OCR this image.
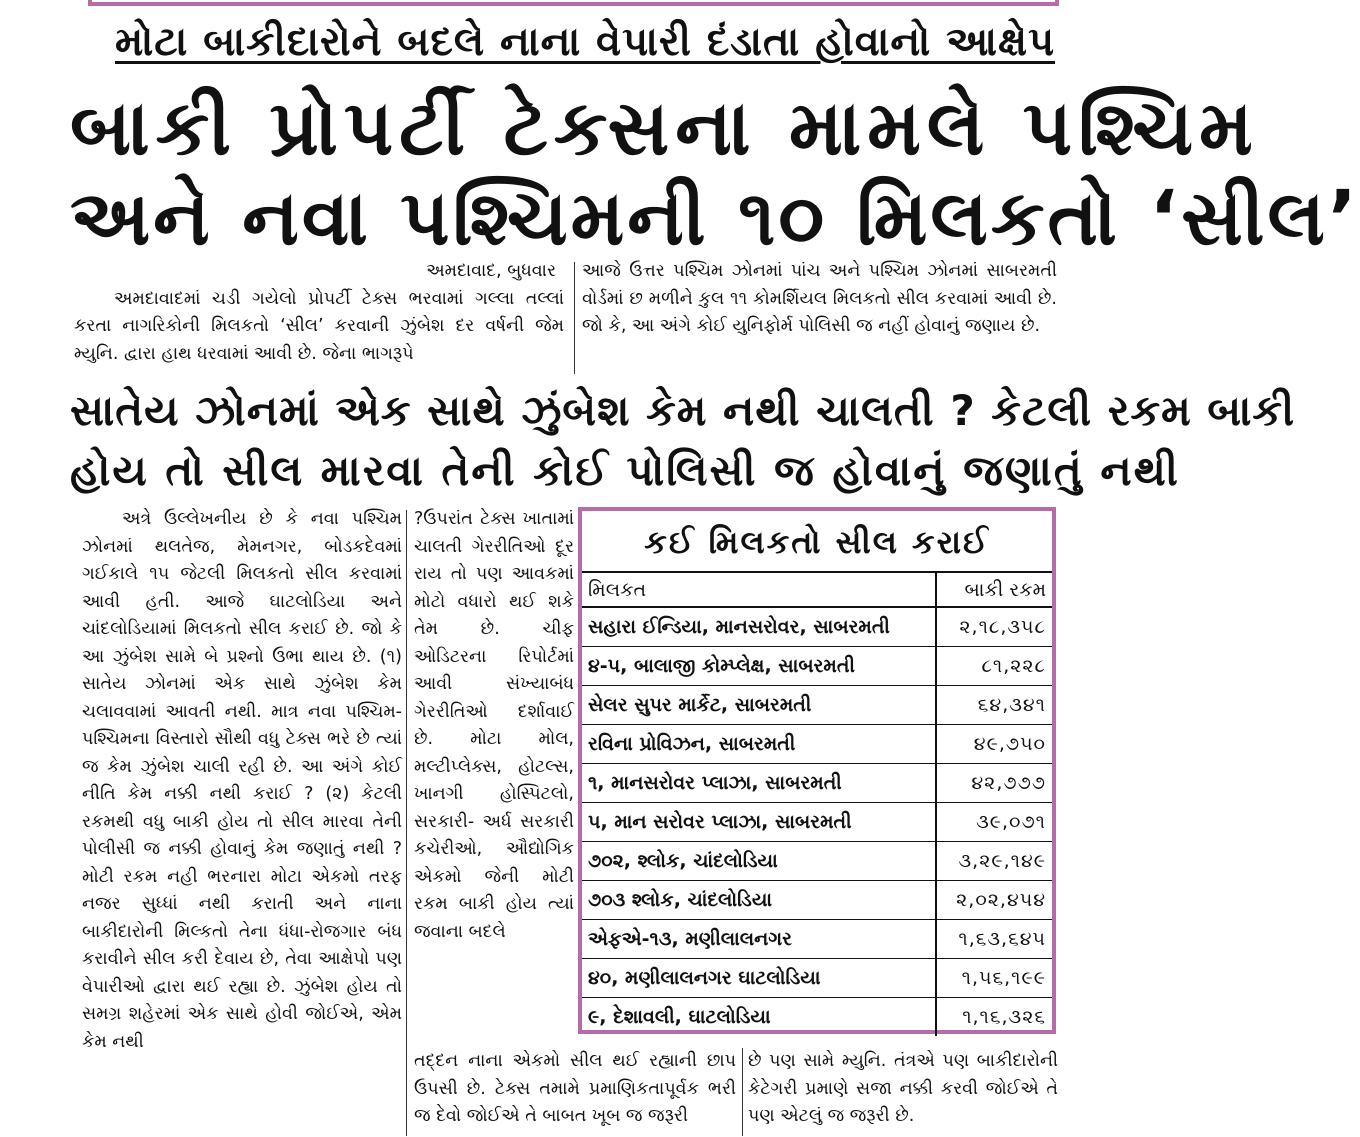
મોટા બાકીદારોને બદલે નાના વેપારી દંડાતા હોવાનો આક્ષેપ
બાકી પ્રોપર્ટી ટેક્સના મામલે પશ્ચિમ
અને નવા પશ્ચિમની ૧૦ મિલકતો ‘સીલ’
અમદાવાદ, બુધવાર

અમદાવાદમાં ચડી ગયેલો પ્રોપર્ટી ટેક્સ ભરવામાં ગલ્લા તલ્લાં કરતા નાગરિકોની મિલકતો ‘સીલ’ કરવાની ઝુંબેશ દર વર્ષની જેમ મ્યુનિ. દ્વારા હાથ ધરવામાં આવી છે. જેના ભાગરૂપે

આજે ઉત્તર પશ્ચિમ ઝોનમાં પાંચ અને પશ્ચિમ ઝોનમાં સાબરમતી વોર્ડમાં છ મળીને કુલ ૧૧ કોમર્શિયલ મિલકતો સીલ કરવામાં આવી છે. જો કે, આ અંગે કોઈ યુનિફોર્મ પોલિસી જ નહીં હોવાનું જણાય છે.

સાતેય ઝોનમાં એક સાથે ઝુંબેશ કેમ નથી ચાલતી ? કેટલી રકમ બાકી
હોય તો સીલ મારવા તેની કોઈ પોલિસી જ હોવાનું જણાતું નથી

અત્રે ઉલ્લેખનીય છે કે નવા પશ્ચિમ ઝોનમાં થલતેજ, મેમનગર, બોડકદેવમાં ગઈકાલે ૧૫ જેટલી મિલકતો સીલ કરવામાં આવી હતી. આજે ઘાટલોડિયા અને ચાંદલોડિયામાં મિલકતો સીલ કરાઈ છે. જો કે આ ઝુંબેશ સામે બે પ્રશ્નો ઉભા થાય છે. (૧) સાતેય ઝોનમાં એક સાથે ઝુંબેશ કેમ ચલાવવામાં આવતી નથી. માત્ર નવા પશ્ચિમ- પશ્ચિમના વિસ્તારો સૌથી વધુ ટેક્સ ભરે છે ત્યાં જ કેમ ઝુંબેશ ચાલી રહી છે. આ અંગે કોઈ નીતિ કેમ નક્કી નથી કરાઈ ? (૨) કેટલી રકમથી વધુ બાકી હોય તો સીલ મારવા તેની પોલીસી જ નક્કી હોવાનું કેમ જણાતું નથી ? મોટી રકમ નહી ભરનારા મોટા એકમો તરફ નજર સુધ્ધાં નથી કરાતી અને નાના બાકીદારોની મિલ્કતો તેના ધંધા-રોજગાર બંધ કરાવીને સીલ કરી દેવાય છે, તેવા આક્ષેપો પણ વેપારીઓ દ્વારા થઈ રહ્યા છે. ઝુંબેશ હોય તો સમગ્ર શહેરમાં એક સાથે હોવી જોઈએ, એમ કેમ નથી

?ઉપરાંત ટેક્સ ખાતામાં ચાલતી ગેરરીતિઓ દૂર રાય તો પણ આવકમાં મોટો વધારો થઈ શકે તેમ છે. ચીફ ઓડિટરના રિપોર્ટમાં આવી સંખ્યાબંધ ગેરરીતિઓ દર્શાવાઈ છે. મોટા મોલ, મલ્ટીપ્લેક્સ, હોટલ્સ, ખાનગી હોસ્પિટલો, સરકારી- અર્ધ સરકારી કચેરીઓ, ઔદ્યોગિક એકમો જેની મોટી રકમ બાકી હોય ત્યાં જવાના બદલે

કઈ મિલકતો સીલ કરાઈ
મિલકત	બાકી રકમ
સહારા ઈન્ડિયા, માનસરોવર, સાબરમતી	૨,૧૮,૩૫૮
૪-૫, બાલાજી કોમ્પ્લેક્ષ, સાબરમતી	૮૧,૨૨૮
સેલર સુપર માર્કેટ, સાબરમતી	૬૪,૩૪૧
રવિના પ્રોવિઝન, સાબરમતી	૪૯,૭૫૦
૧, માનસરોવર પ્લાઝા, સાબરમતી	૪૨,૭૭૭
૫, માન સરોવર પ્લાઝા, સાબરમતી	૩૯,૦૭૧
૭૦૨, શ્લોક, ચાંદલોડિયા	૩,૨૯,૧૪૯
૭૦૩ શ્લોક, ચાંદલોડિયા	૨,૦૨,૪૫૪
એફએ-૧૩, મણીલાલનગર	૧,૬૩,૬૪૫
૪૦, મણીલાલનગર ઘાટલોડિયા	૧,૫૬,૧૯૯
૯, દેશાવલી, ઘાટલોડિયા	૧,૧૬,૩૨૬

તદ્દન નાના એકમો સીલ થઈ રહ્યાની છાપ ઉપસી છે. ટેક્સ તમામે પ્રમાણિકતાપૂર્વક ભરી જ દેવો જોઈએ તે બાબત ખૂબ જ જરૂરી

છે પણ સામે મ્યુનિ. તંત્રએ પણ બાકીદારોની કેટેગરી પ્રમાણે સજા નક્કી કરવી જોઈએ તે પણ એટલું જ જરૂરી છે.
